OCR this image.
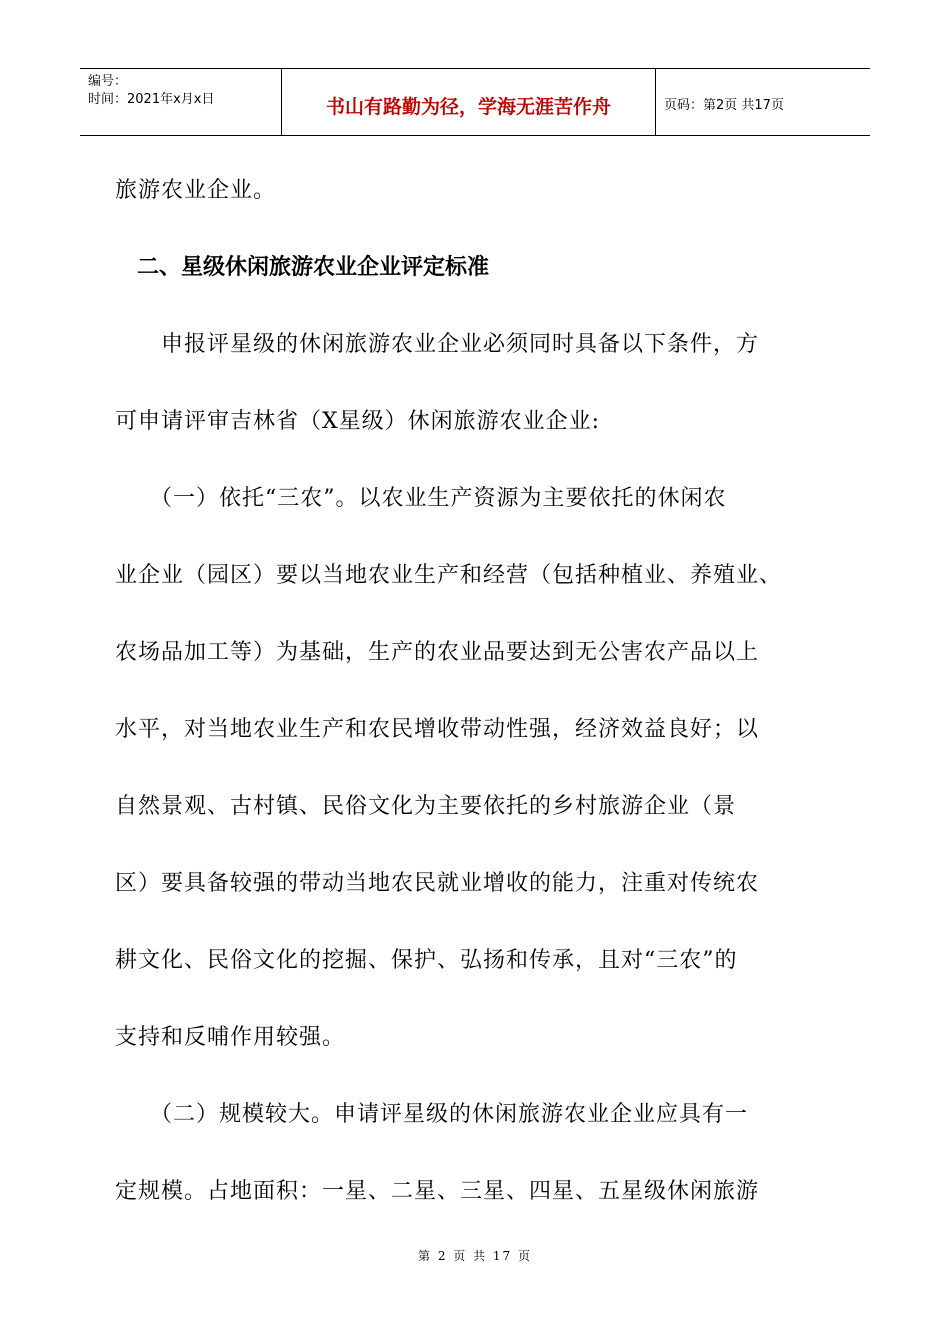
编号：
时间：2021年x月x日	书山有路勤为径，学海无涯苦作舟	页码：第2页 共17页
旅游农业企业。
　二、星级休闲旅游农业企业评定标准
　　申报评星级的休闲旅游农业企业必须同时具备以下条件，方
可申请评审吉林省（X星级）休闲旅游农业企业:
　　（一）依托“三农”。以农业生产资源为主要依托的休闲农
业企业（园区）要以当地农业生产和经营（包括种植业、养殖业、
农场品加工等）为基础，生产的农业品要达到无公害农产品以上
水平，对当地农业生产和农民增收带动性强，经济效益良好；以
自然景观、古村镇、民俗文化为主要依托的乡村旅游企业（景
区）要具备较强的带动当地农民就业增收的能力，注重对传统农
耕文化、民俗文化的挖掘、保护、弘扬和传承，且对“三农”的
支持和反哺作用较强。
　　（二）规模较大。申请评星级的休闲旅游农业企业应具有一
定规模。占地面积：一星、二星、三星、四星、五星级休闲旅游
第 2 页 共 17 页
